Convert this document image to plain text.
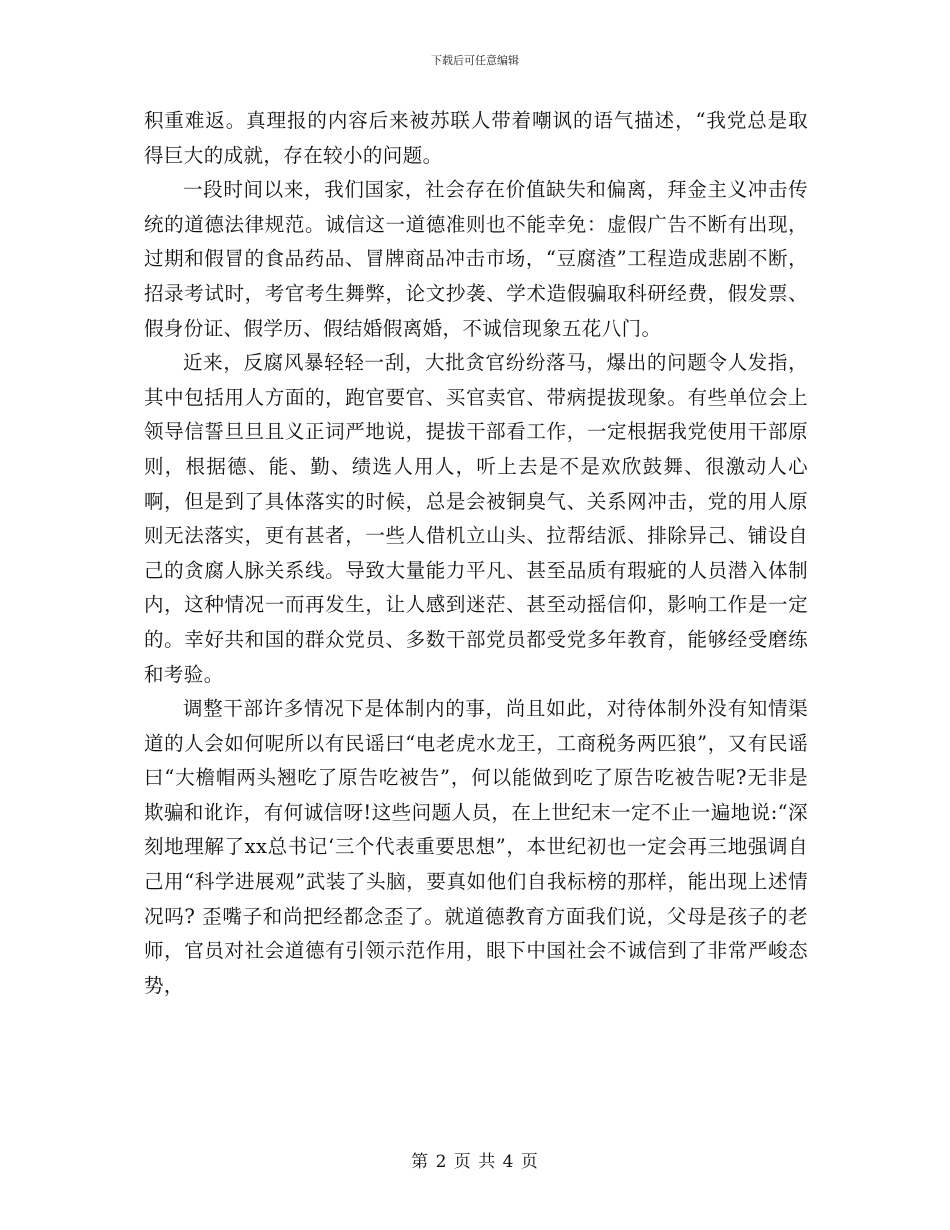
下载后可任意编辑

积重难返。真理报的内容后来被苏联人带着嘲讽的语气描述，“我党总是取得巨大的成就，存在较小的问题。

一段时间以来，我们国家，社会存在价值缺失和偏离，拜金主义冲击传统的道德法律规范。诚信这一道德准则也不能幸免：虚假广告不断有出现，过期和假冒的食品药品、冒牌商品冲击市场，“豆腐渣”工程造成悲剧不断，招录考试时，考官考生舞弊，论文抄袭、学术造假骗取科研经费，假发票、假身份证、假学历、假结婚假离婚，不诚信现象五花八门。

近来，反腐风暴轻轻一刮，大批贪官纷纷落马，爆出的问题令人发指，其中包括用人方面的，跑官要官、买官卖官、带病提拔现象。有些单位会上领导信誓旦旦且义正词严地说，提拔干部看工作，一定根据我党使用干部原则，根据德、能、勤、绩选人用人，听上去是不是欢欣鼓舞、很激动人心啊，但是到了具体落实的时候，总是会被铜臭气、关系网冲击，党的用人原则无法落实，更有甚者，一些人借机立山头、拉帮结派、排除异己、铺设自己的贪腐人脉关系线。导致大量能力平凡、甚至品质有瑕疵的人员潜入体制内，这种情况一而再发生，让人感到迷茫、甚至动摇信仰，影响工作是一定的。幸好共和国的群众党员、多数干部党员都受党多年教育，能够经受磨练和考验。

调整干部许多情况下是体制内的事，尚且如此，对待体制外没有知情渠道的人会如何呢所以有民谣曰“电老虎水龙王，工商税务两匹狼”，又有民谣曰“大檐帽两头翘吃了原告吃被告”，何以能做到吃了原告吃被告呢?无非是欺骗和讹诈，有何诚信呀!这些问题人员，在上世纪末一定不止一遍地说:“深刻地理解了xx总书记‘三个代表重要思想”，本世纪初也一定会再三地强调自己用“科学进展观”武装了头脑，要真如他们自我标榜的那样，能出现上述情况吗? 歪嘴子和尚把经都念歪了。就道德教育方面我们说，父母是孩子的老师，官员对社会道德有引领示范作用，眼下中国社会不诚信到了非常严峻态势，

第 2 页 共 4 页
